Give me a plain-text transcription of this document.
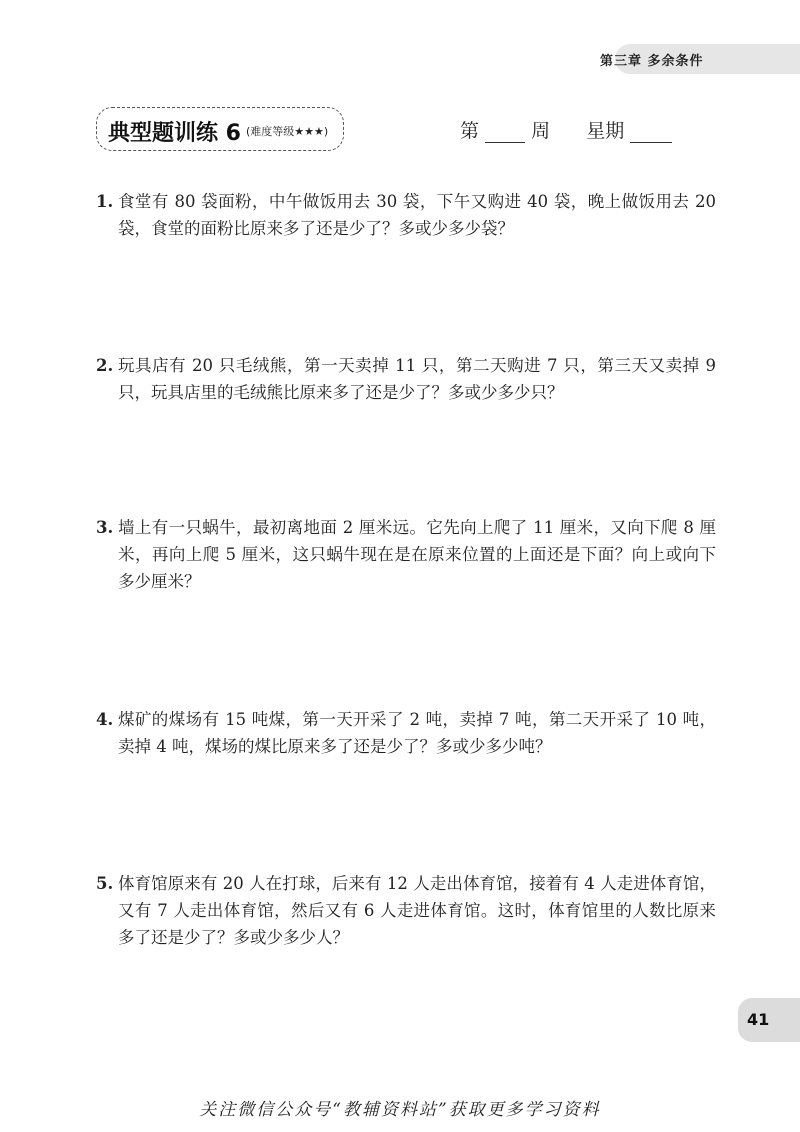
第三章 多余条件
典型题训练 6 (难度等级★★★)	第	周 星期
1. 食堂有 80 袋面粉，中午做饭用去 30 袋，下午又购进 40 袋，晚上做饭用去 20 袋，食堂的面粉比原来多了还是少了？多或少多少袋？
2. 玩具店有 20 只毛绒熊，第一天卖掉 11 只，第二天购进 7 只，第三天又卖掉 9 只，玩具店里的毛绒熊比原来多了还是少了？多或少多少只？
3. 墙上有一只蜗牛，最初离地面 2 厘米远。它先向上爬了 11 厘米，又向下爬 8 厘米，再向上爬 5 厘米，这只蜗牛现在是在原来位置的上面还是下面？向上或向下多少厘米？
4. 煤矿的煤场有 15 吨煤，第一天开采了 2 吨，卖掉 7 吨，第二天开采了 10 吨，卖掉 4 吨，煤场的煤比原来多了还是少了？多或少多少吨？
5. 体育馆原来有 20 人在打球，后来有 12 人走出体育馆，接着有 4 人走进体育馆，又有 7 人走出体育馆，然后又有 6 人走进体育馆。这时，体育馆里的人数比原来多了还是少了？多或少多少人？
41
关注微信公众号“教辅资料站”获取更多学习资料
